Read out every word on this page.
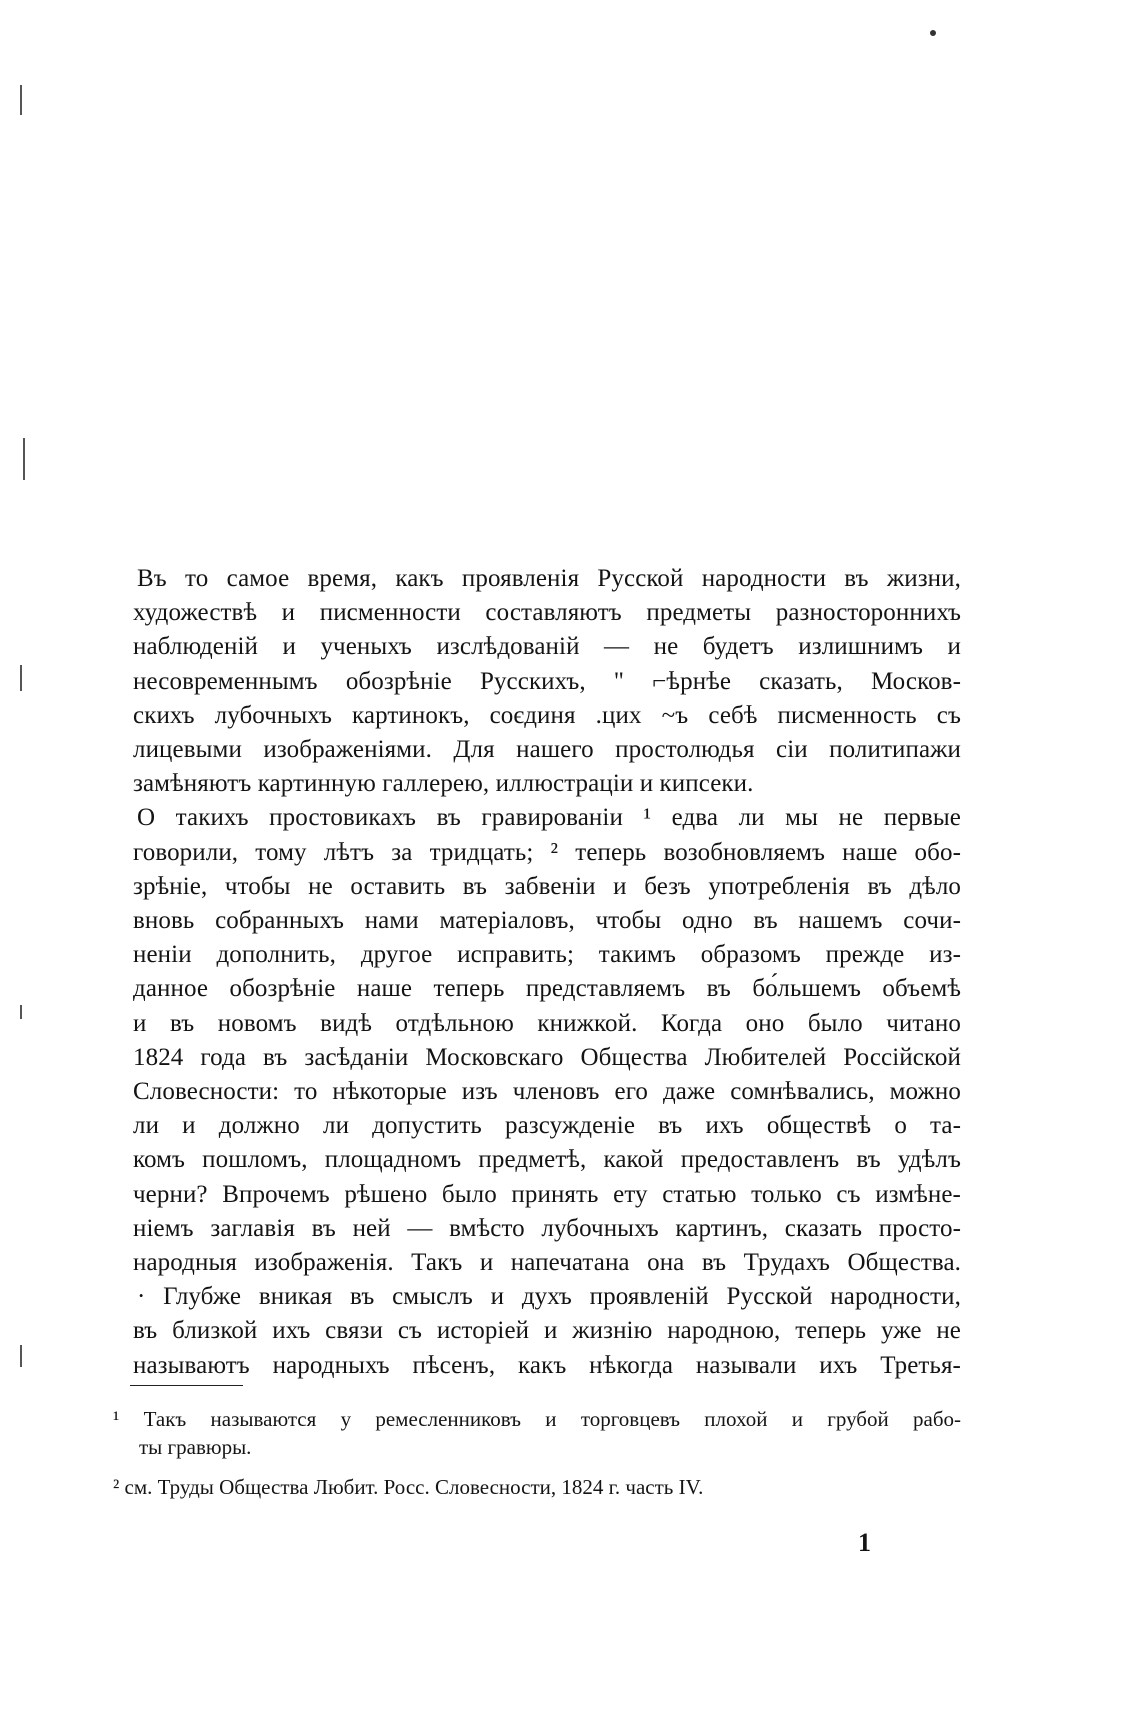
Въ то самое время, какъ проявленія Русской народности въ жизни,
художествѣ и писменности составляютъ предметы разностороннихъ
наблюденій и ученыхъ изслѣдованій — не будетъ излишнимъ и
несовременнымъ обозрѣніе Русскихъ, " ⌐ѣрнѣе сказать, Москов-
скихъ лубочныхъ картинокъ, соєдиня .цих ~ъ себѣ писменность съ
лицевыми изображеніями. Для нашего простолюдья сіи политипажи
замѣняютъ картинную галлерею, иллюстраціи и кипсеки.
О такихъ простовикахъ въ гравированіи ¹ едва ли мы не первые
говорили, тому лѣтъ за тридцать; ² теперь возобновляемъ наше обо-
зрѣніе, чтобы не оставить въ забвеніи и безъ употребленія въ дѣло
вновь собранныхъ нами матеріаловъ, чтобы одно въ нашемъ сочи-
неніи дополнить, другое исправить; такимъ образомъ прежде из-
данное обозрѣніе наше теперь представляемъ въ бо́льшемъ объемѣ
и въ новомъ видѣ отдѣльною книжкой. Когда оно было читано
1824 года въ засѣданіи Московскаго Общества Любителей Россійской
Словесности: то нѣкоторые изъ членовъ его даже сомнѣвались, можно
ли и должно ли допустить разсужденіе въ ихъ обществѣ о та-
комъ пошломъ, площадномъ предметѣ, какой предоставленъ въ удѣлъ
черни? Впрочемъ рѣшено было принять ету статью только съ измѣне-
ніемъ заглавія въ ней — вмѣсто лубочныхъ картинъ, сказать просто-
народныя изображенія. Такъ и напечатана она въ Трудахъ Общества.
· Глубже вникая въ смыслъ и духъ проявленій Русской народности,
въ близкой ихъ связи съ исторіей и жизнію народною, теперь уже не
называютъ народныхъ пѣсенъ, какъ нѣкогда называли ихъ Третья-
¹ Такъ называются у ремесленниковъ и торговцевъ плохой и грубой рабо-
ты гравюры.
² см. Труды Общества Любит. Росс. Словесности, 1824 г. часть IV.
1
